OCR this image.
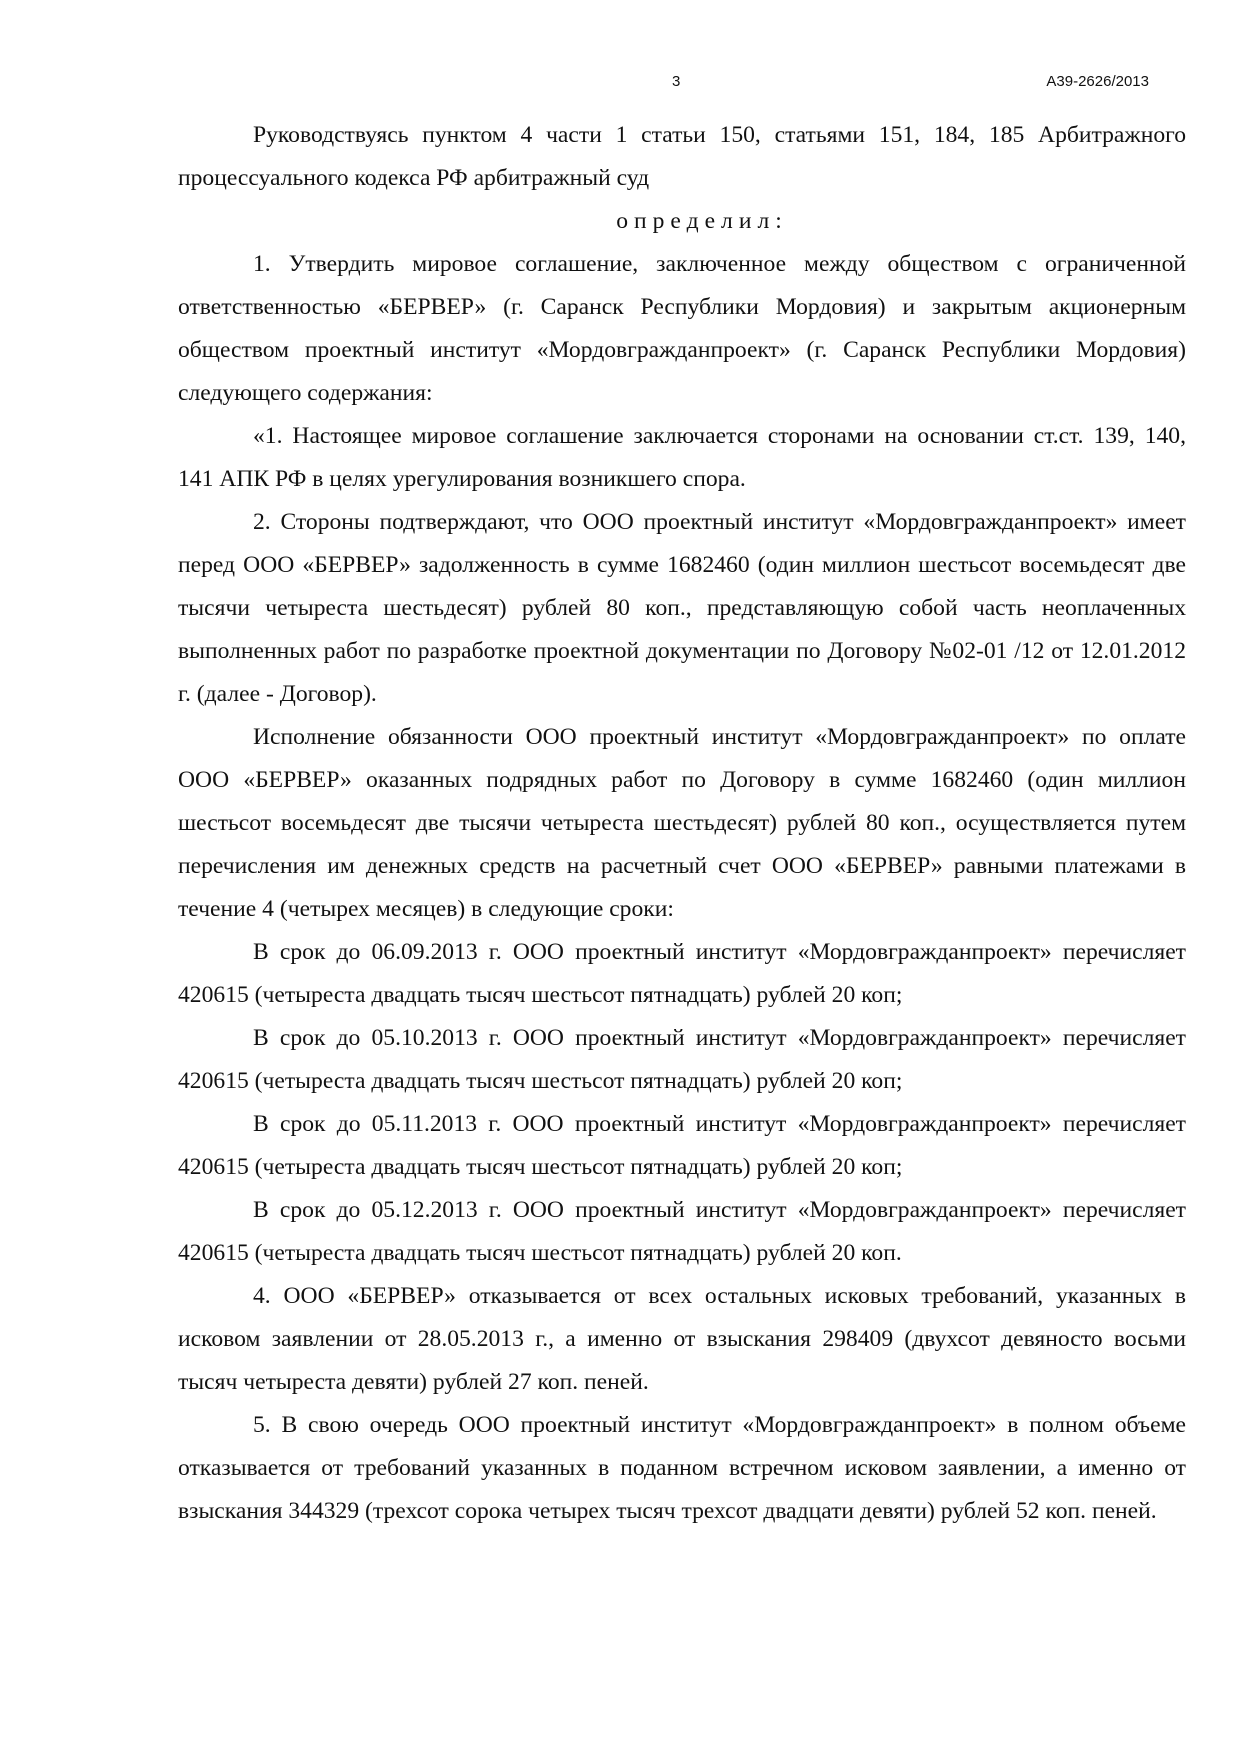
3	А39-2626/2013

Руководствуясь пунктом 4 части 1 статьи 150, статьями 151, 184, 185 Арбитражного процессуального кодекса РФ арбитражный суд

определил:

1. Утвердить мировое соглашение, заключенное между обществом с ограниченной ответственностью «БЕРВЕР» (г. Саранск Республики Мордовия) и закрытым акционерным обществом проектный институт «Мордовгражданпроект» (г. Саранск Республики Мордовия) следующего содержания:

«1. Настоящее мировое соглашение заключается сторонами на основании ст.ст. 139, 140, 141 АПК РФ в целях урегулирования возникшего спора.

2. Стороны подтверждают, что ООО проектный институт «Мордовгражданпроект» имеет перед ООО «БЕРВЕР» задолженность в сумме 1682460 (один миллион шестьсот восемьдесят две тысячи четыреста шестьдесят) рублей 80 коп., представляющую собой часть неоплаченных выполненных работ по разработке проектной документации по Договору №02-01 /12 от 12.01.2012 г. (далее - Договор).

Исполнение обязанности ООО проектный институт «Мордовгражданпроект» по оплате ООО «БЕРВЕР» оказанных подрядных работ по Договору в сумме 1682460 (один миллион шестьсот восемьдесят две тысячи четыреста шестьдесят) рублей 80 коп., осуществляется путем перечисления им денежных средств на расчетный счет ООО «БЕРВЕР» равными платежами в течение 4 (четырех месяцев) в следующие сроки:

В срок до 06.09.2013 г. ООО проектный институт «Мордовгражданпроект» перечисляет 420615 (четыреста двадцать тысяч шестьсот пятнадцать) рублей 20 коп;

В срок до 05.10.2013 г. ООО проектный институт «Мордовгражданпроект» перечисляет 420615 (четыреста двадцать тысяч шестьсот пятнадцать) рублей 20 коп;

В срок до 05.11.2013 г. ООО проектный институт «Мордовгражданпроект» перечисляет 420615 (четыреста двадцать тысяч шестьсот пятнадцать) рублей 20 коп;

В срок до 05.12.2013 г. ООО проектный институт «Мордовгражданпроект» перечисляет 420615 (четыреста двадцать тысяч шестьсот пятнадцать) рублей 20 коп.

4. ООО «БЕРВЕР» отказывается от всех остальных исковых требований, указанных в исковом заявлении от 28.05.2013 г., а именно от взыскания 298409 (двухсот девяносто восьми тысяч четыреста девяти) рублей 27 коп. пеней.

5. В свою очередь ООО проектный институт «Мордовгражданпроект» в полном объеме отказывается от требований указанных в поданном встречном исковом заявлении, а именно от взыскания 344329 (трехсот сорока четырех тысяч трехсот двадцати девяти) рублей 52 коп. пеней.
